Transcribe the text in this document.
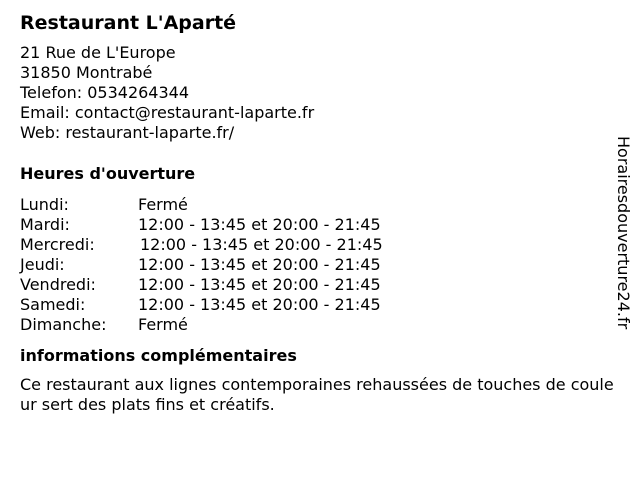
Restaurant L'Aparté
21 Rue de L'Europe
31850 Montrabé
Telefon: 0534264344
Email: contact@restaurant-laparte.fr
Web: restaurant-laparte.fr/
Heures d'ouverture
Lundi:	Fermé
Mardi:	12:00 - 13:45 et 20:00 - 21:45
Mercredi:	12:00 - 13:45 et 20:00 - 21:45
Jeudi:	12:00 - 13:45 et 20:00 - 21:45
Vendredi:	12:00 - 13:45 et 20:00 - 21:45
Samedi:	12:00 - 13:45 et 20:00 - 21:45
Dimanche:	Fermé
informations complémentaires
Ce restaurant aux lignes contemporaines rehaussées de touches de couleur sert des plats fins et créatifs.
Horairesdouverture24.fr
